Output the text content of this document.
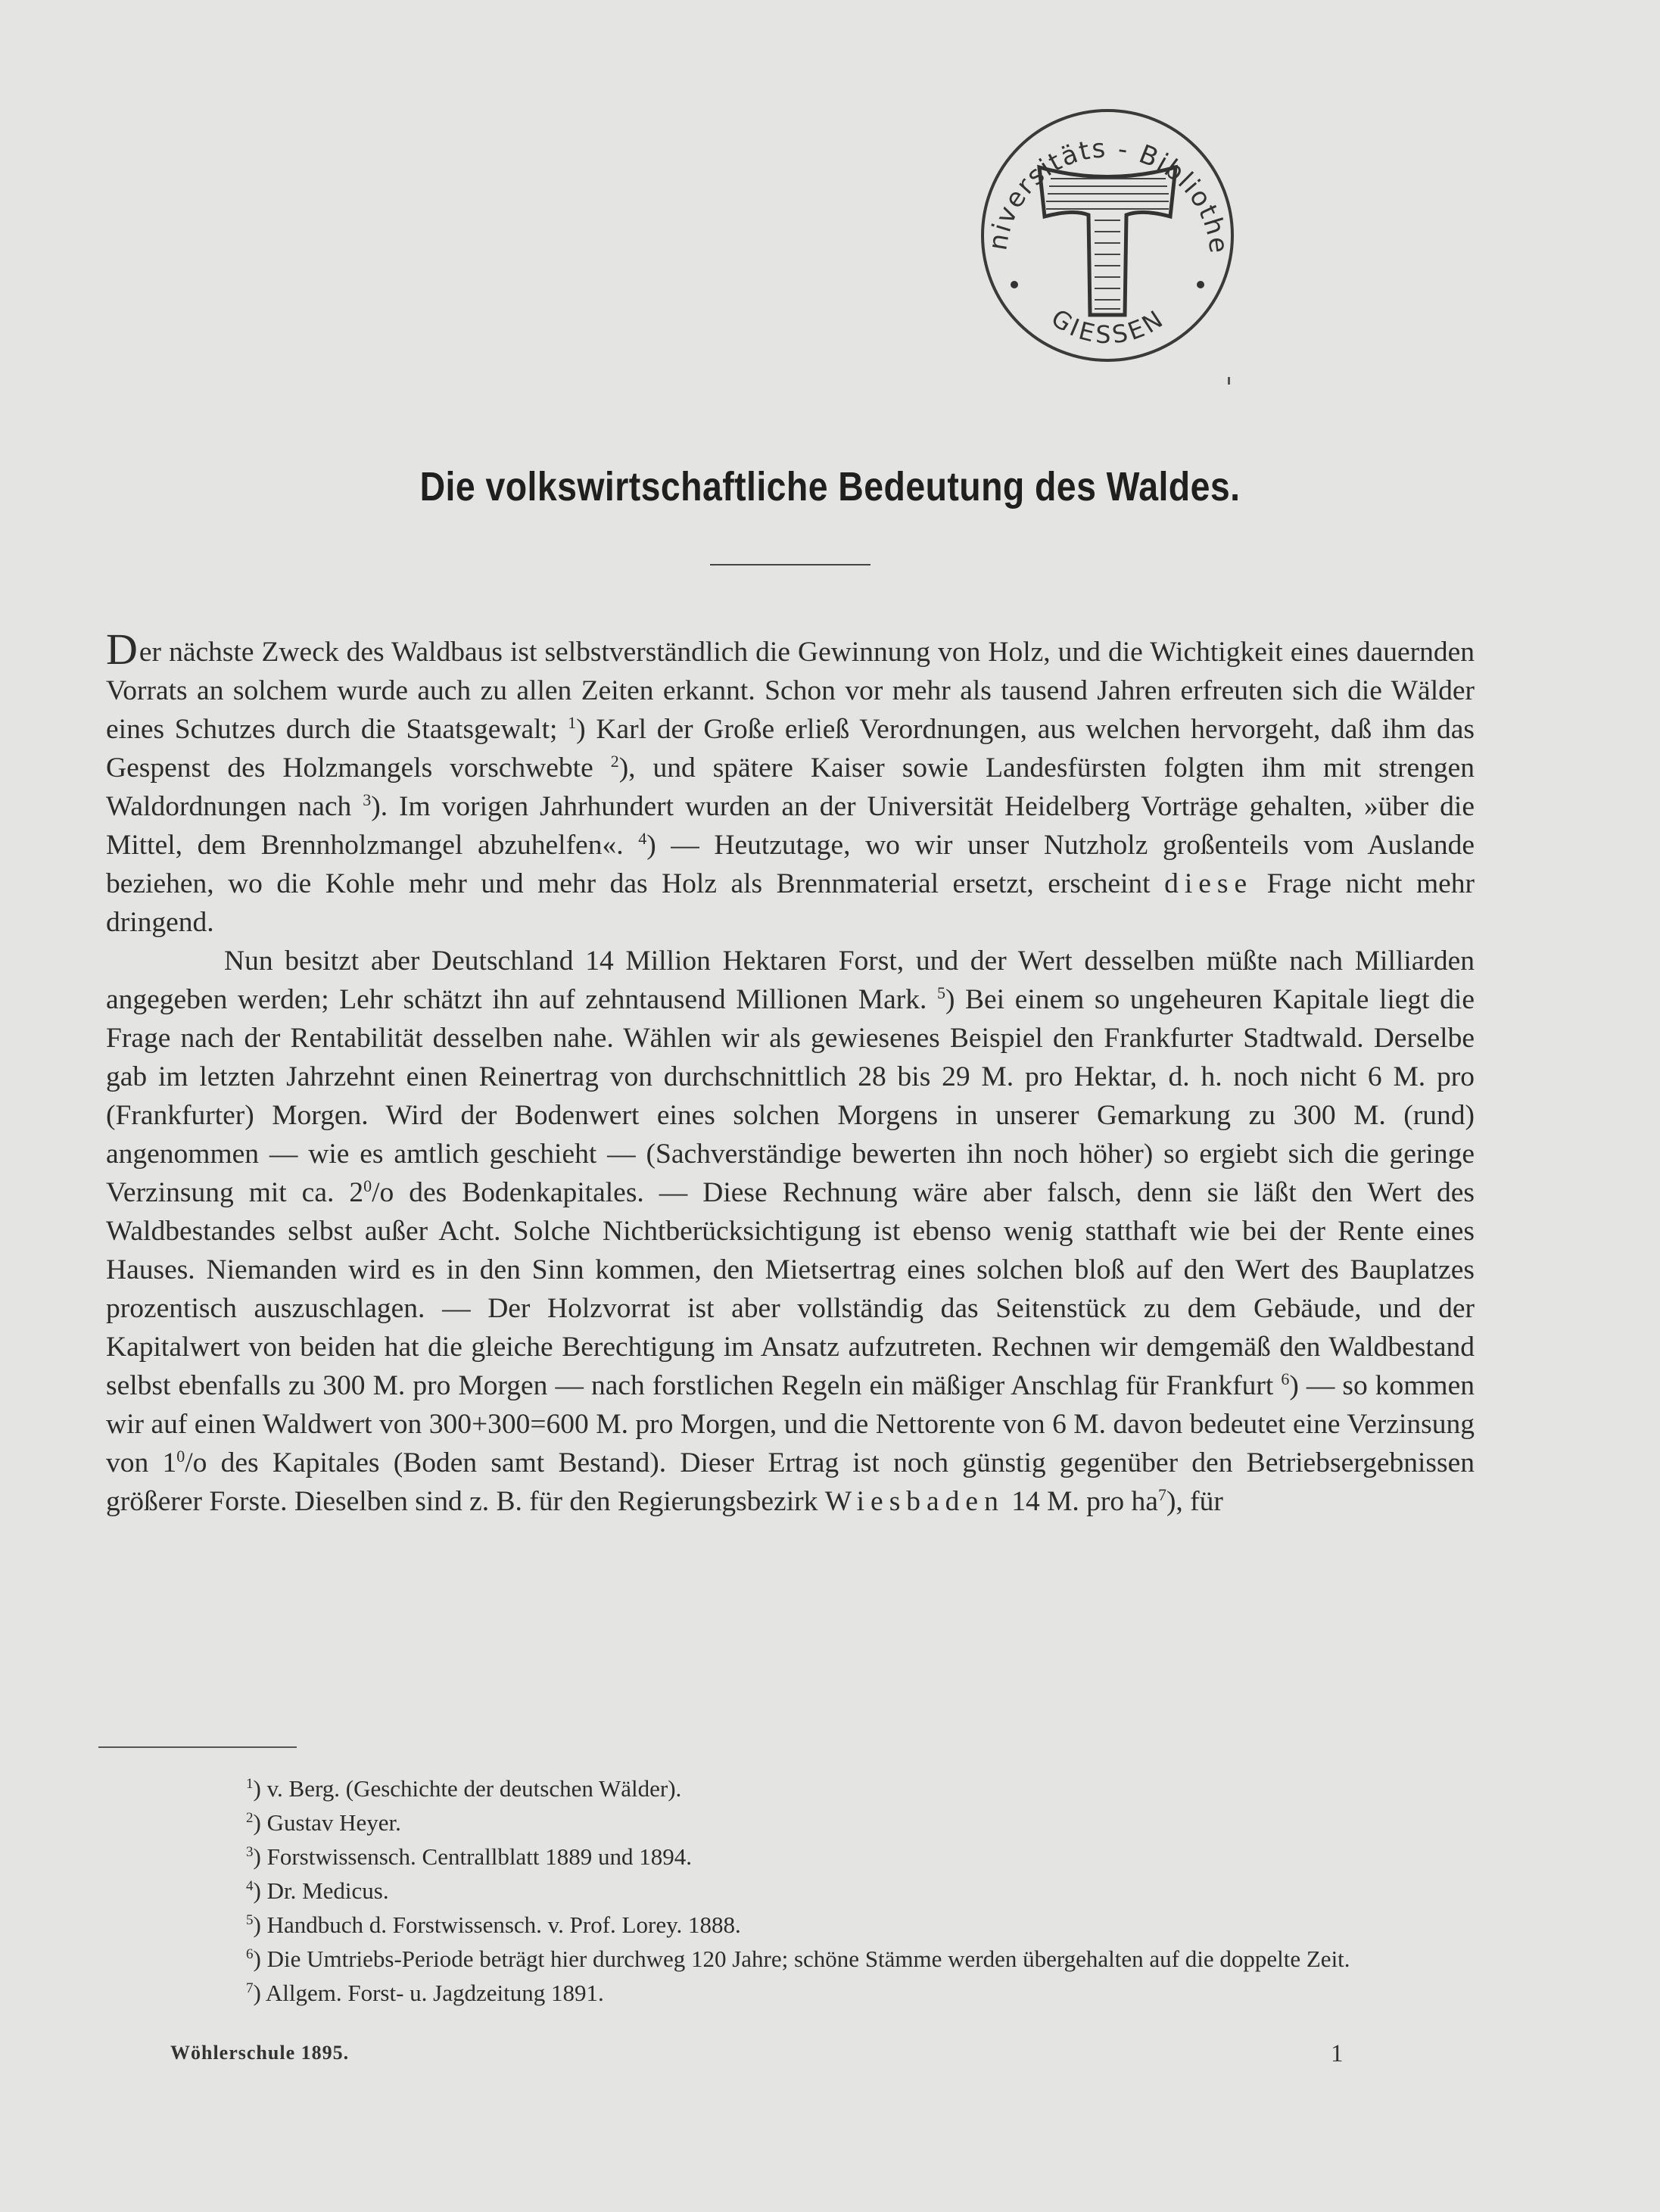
niversitäts - Bibliothe
GIESSEN
Die volkswirtschaftliche Bedeutung des Waldes.

Der nächste Zweck des Waldbaus ist selbstverständlich die Gewinnung von Holz, und die Wichtigkeit eines dauernden Vorrats an solchem wurde auch zu allen Zeiten erkannt. Schon vor mehr als tausend Jahren erfreuten sich die Wälder eines Schutzes durch die Staatsgewalt; $^1$) Karl der Große erließ Verordnungen, aus welchen hervorgeht, daß ihm das Gespenst des Holzmangels vorschwebte $^2$), und spätere Kaiser sowie Landesfürsten folgten ihm mit strengen Waldordnungen nach $^3$). Im vorigen Jahrhundert wurden an der Universität Heidelberg Vorträge gehalten, »über die Mittel, dem Brennholzmangel abzuhelfen«. $^4$) — Heutzutage, wo wir unser Nutzholz großenteils vom Auslande beziehen, wo die Kohle mehr und mehr das Holz als Brennmaterial ersetzt, erscheint diese Frage nicht mehr dringend.

Nun besitzt aber Deutschland 14 Million Hektaren Forst, und der Wert desselben müßte nach Milliarden angegeben werden; Lehr schätzt ihn auf zehntausend Millionen Mark. $^5$) Bei einem so ungeheuren Kapitale liegt die Frage nach der Rentabilität desselben nahe. Wählen wir als gewiesenes Beispiel den Frankfurter Stadtwald. Derselbe gab im letzten Jahrzehnt einen Reinertrag von durchschnittlich 28 bis 29 M. pro Hektar, d. h. noch nicht 6 M. pro (Frankfurter) Morgen. Wird der Bodenwert eines solchen Morgens in unserer Gemarkung zu 300 M. (rund) angenommen — wie es amtlich geschieht — (Sachverständige bewerten ihn noch höher) so ergiebt sich die geringe Verzinsung mit ca. $2^0/o$ des Bodenkapitales. — Diese Rechnung wäre aber falsch, denn sie läßt den Wert des Waldbestandes selbst außer Acht. Solche Nichtberücksichtigung ist ebenso wenig statthaft wie bei der Rente eines Hauses. Niemanden wird es in den Sinn kommen, den Mietsertrag eines solchen bloß auf den Wert des Bauplatzes prozentisch auszuschlagen. — Der Holzvorrat ist aber vollständig das Seitenstück zu dem Gebäude, und der Kapitalwert von beiden hat die gleiche Berechtigung im Ansatz aufzutreten. Rechnen wir demgemäß den Waldbestand selbst ebenfalls zu 300 M. pro Morgen — nach forstlichen Regeln ein mäßiger Anschlag für Frankfurt $^6$) — so kommen wir auf einen Waldwert von 300+300=600 M. pro Morgen, und die Nettorente von 6 M. davon bedeutet eine Verzinsung von $1^0/o$ des Kapitales (Boden samt Bestand). Dieser Ertrag ist noch günstig gegenüber den Betriebsergebnissen größerer Forste. Dieselben sind z. B. für den Regierungsbezirk Wiesbaden 14 M. pro $ha^7$), für

$^1$) v. Berg. (Geschichte der deutschen Wälder).
$^2$) Gustav Heyer.
$^3$) Forstwissensch. Centrallblatt 1889 und 1894.
$^4$) Dr. Medicus.
$^5$) Handbuch d. Forstwissensch. v. Prof. Lorey. 1888.
$^6$) Die Umtriebs-Periode beträgt hier durchweg 120 Jahre; schöne Stämme werden übergehalten auf die doppelte Zeit.
$^7$) Allgem. Forst- u. Jagdzeitung 1891.
Wöhlerschule 1895.	1
